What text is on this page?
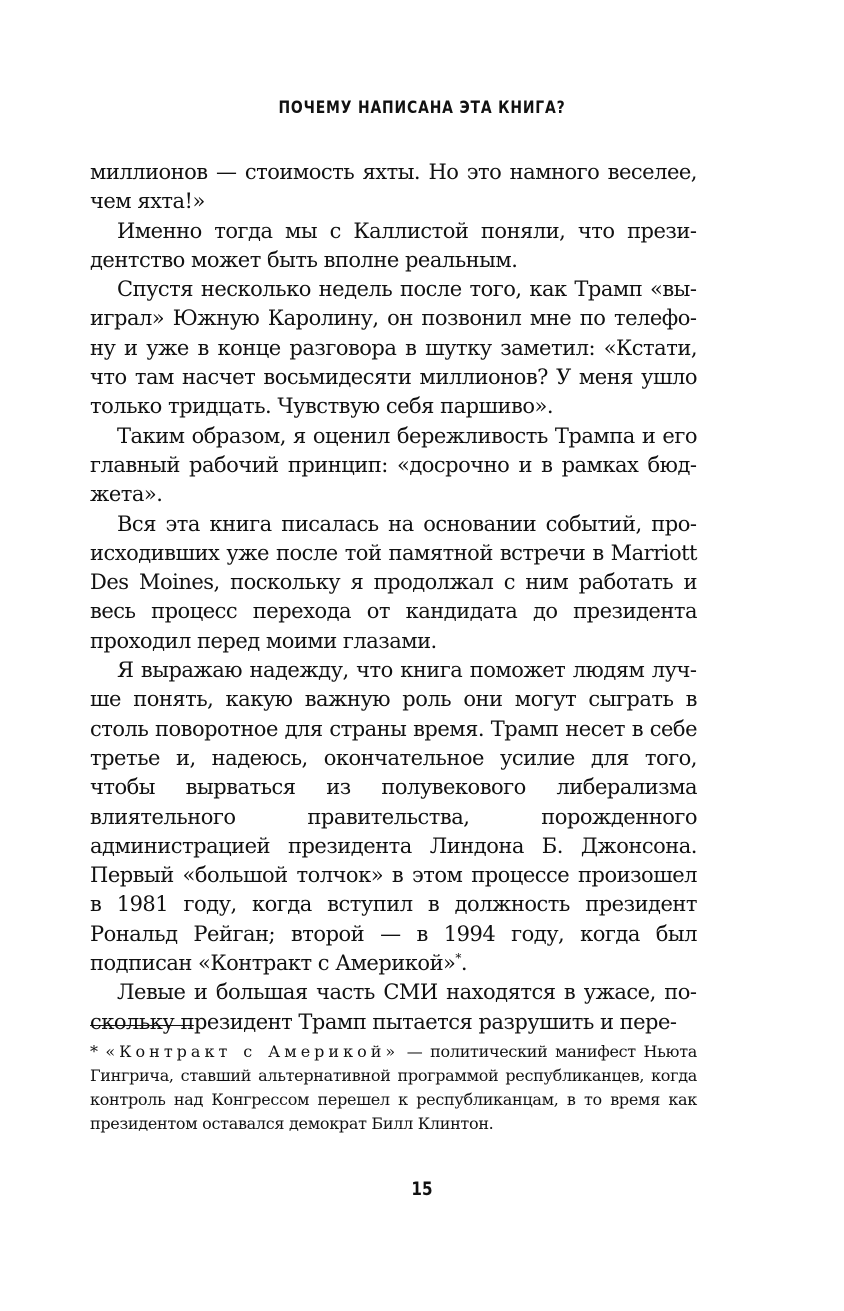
ПОЧЕМУ НАПИСАНА ЭТА КНИГА?

миллионов — стоимость яхты. Но это намного веселее, чем яхта!»

Именно тогда мы с Каллистой поняли, что президентство может быть вполне реальным.

Спустя несколько недель после того, как Трамп «выиграл» Южную Каролину, он позвонил мне по телефону и уже в конце разговора в шутку заметил: «Кстати, что там насчет восьмидесяти миллионов? У меня ушло только тридцать. Чувствую себя паршиво».

Таким образом, я оценил бережливость Трампа и его главный рабочий принцип: «досрочно и в рамках бюджета».

Вся эта книга писалась на основании событий, происходивших уже после той памятной встречи в Marriott Des Moines, поскольку я продолжал с ним работать и весь процесс перехода от кандидата до президента проходил перед моими глазами.

Я выражаю надежду, что книга поможет людям лучше понять, какую важную роль они могут сыграть в столь поворотное для страны время. Трамп несет в себе третье и, надеюсь, окончательное усилие для того, чтобы вырваться из полувекового либерализма влиятельного правительства, порожденного администрацией президента Линдона Б. Джонсона. Первый «большой толчок» в этом процессе произошел в 1981 году, когда вступил в должность президент Рональд Рейган; второй — в 1994 году, когда был подписан «Контракт с Америкой»*.

Левые и большая часть СМИ находятся в ужасе, поскольку президент Трамп пытается разрушить и пере-

* «Контракт с Америкой» — политический манифест Ньюта Гингрича, ставший альтернативной программой республиканцев, когда контроль над Конгрессом перешел к республиканцам, в то время как президентом оставался демократ Билл Клинтон.
15
